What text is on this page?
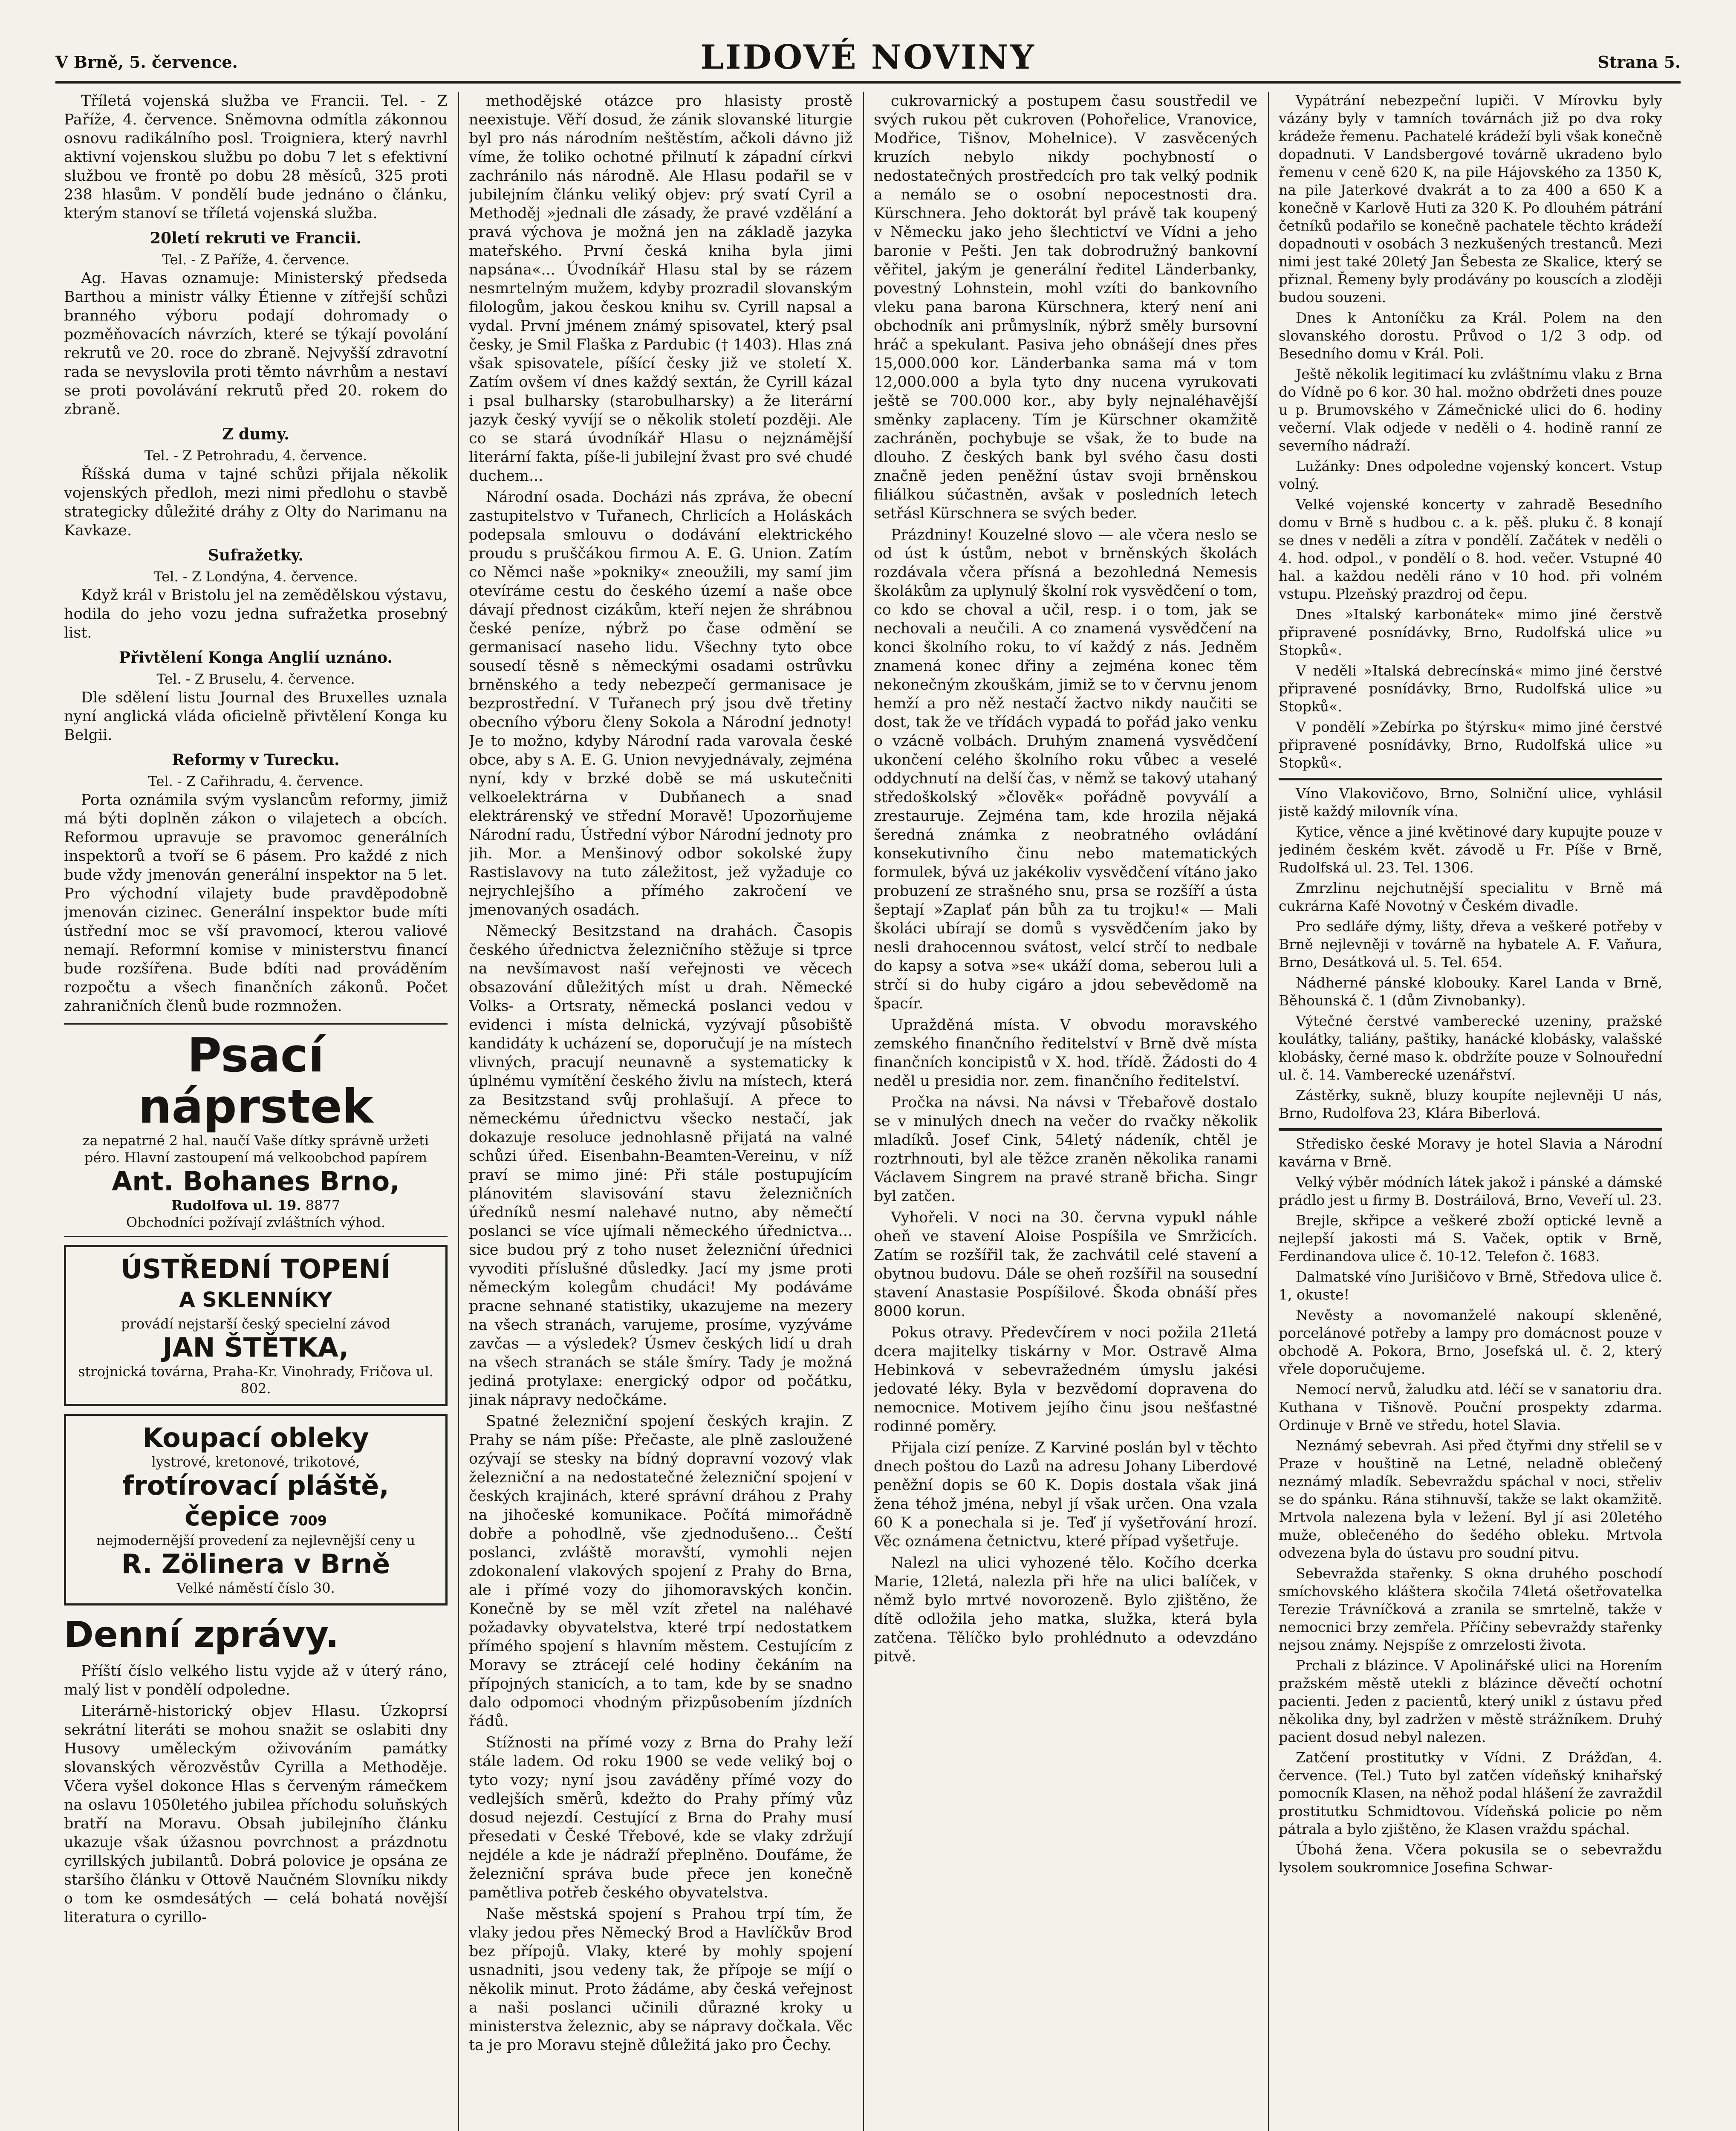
V Brně, 5. července.	LIDOVÉ NOVINY	Strana 5.

Tříletá vojenská služba ve Francii. Tel. - Z Paříže, 4. července. Sněmovna odmítla zákonnou osnovu radikálního posl. Troigniera, který navrhl aktivní vojenskou službu po dobu 7 let s efektivní službou ve frontě po dobu 28 měsíců, 325 proti 238 hlasům. V pondělí bude jednáno o článku, kterým stanoví se tříletá vojenská služba.

20letí rekruti ve Francii.

Tel. - Z Paříže, 4. července.

Ag. Havas oznamuje: Ministerský předseda Barthou a ministr války Étienne v zítřejší schůzi branného výboru podají dohromady o pozměňovacích návrzích, které se týkají povolání rekrutů ve 20. roce do zbraně. Nejvyšší zdravotní rada se nevyslovila proti těmto návrhům a nestaví se proti povolávání rekrutů před 20. rokem do zbraně.

Z dumy.

Tel. - Z Petrohradu, 4. července.

Říšská duma v tajné schůzi přijala několik vojenských předloh, mezi nimi předlohu o stavbě strategicky důležité dráhy z Olty do Narimanu na Kavkaze.

Sufražetky.

Tel. - Z Londýna, 4. července.

Když král v Bristolu jel na zemědělskou výstavu, hodila do jeho vozu jedna sufražetka prosebný list.

Přivtělení Konga Anglií uznáno.

Tel. - Z Bruselu, 4. července.

Dle sdělení listu Journal des Bruxelles uznala nyní anglická vláda oficielně přivtělení Konga ku Belgii.

Reformy v Turecku.

Tel. - Z Cařihradu, 4. července.

Porta oznámila svým vyslancům reformy, jimiž má býti doplněn zákon o vilajetech a obcích. Reformou upravuje se pravomoc generálních inspektorů a tvoří se 6 pásem. Pro každé z nich bude vždy jmenován generální inspektor na 5 let. Pro východní vilajety bude pravděpodobně jmenován cizinec. Generální inspektor bude míti ústřední moc se vší pravomocí, kterou valiové nemají. Reformní komise v ministerstvu financí bude rozšířena. Bude bdíti nad prováděním rozpočtu a všech finančních zákonů. Počet zahraničních členů bude rozmnožen.

Psací náprstek
za nepatrné 2 hal. naučí Vaše dítky správně uržeti péro. Hlavní zastoupení má velkoobchod papírem
Ant. Bohanes Brno,
Rudolfova ul. 19. 8877
Obchodníci požívají zvláštních výhod.
ÚSTŘEDNÍ TOPENÍ
A SKLENNÍKY
provádí nejstarší český specielní závod
JAN ŠTĚTKA,
strojnická továrna, Praha-Kr. Vinohrady, Fričova ul. 802.
Koupací obleky
lystrové, kretonové, trikotové,
frotírovací pláště,
čepice 7009
nejmodernější provedení za nejlevnější ceny u
R. Zölinera v Brně
Velké náměstí číslo 30.
Denní zprávy.

Příští číslo velkého listu vyjde až v úterý ráno, malý list v pondělí odpoledne.

Literárně-historický objev Hlasu. Úzkoprsí sekrátní literáti se mohou snažit se oslabiti dny Husovy uměleckým oživováním památky slovanských věrozvěstův Cyrilla a Methoděje. Včera vyšel dokonce Hlas s červeným rámečkem na oslavu 1050letého jubilea příchodu soluňských bratří na Moravu. Obsah jubilejního článku ukazuje však úžasnou povrchnost a prázdnotu cyrillských jubilantů. Dobrá polovice je opsána ze staršího článku v Ottově Naučném Slovníku nikdy o tom ke osmdesátých — celá bohatá novější literatura o cyrillo-

methodějské otázce pro hlasisty prostě neexistuje. Věří dosud, že zánik slovanské liturgie byl pro nás národním neštěstím, ačkoli dávno již víme, že toliko ochotné přilnutí k západní církvi zachránilo nás národně. Ale Hlasu podařil se v jubilejním článku veliký objev: prý svatí Cyril a Methoděj »jednali dle zásady, že pravé vzdělání a pravá výchova je možná jen na základě jazyka mateřského. První česká kniha byla jimi napsána«... Úvodníkář Hlasu stal by se rázem nesmrtelným mužem, kdyby prozradil slovanským filologům, jakou českou knihu sv. Cyrill napsal a vydal. První jménem známý spisovatel, který psal česky, je Smil Flaška z Pardubic († 1403). Hlas zná však spisovatele, píšící česky již ve století X. Zatím ovšem ví dnes každý sextán, že Cyrill kázal i psal bulharsky (starobulharsky) a že literární jazyk český vyvíjí se o několik století později. Ale co se stará úvodníkář Hlasu o nejznámější literární fakta, píše-li jubilejní žvast pro své chudé duchem...

Národní osada. Docházi nás zpráva, že obecní zastupitelstvo v Tuřanech, Chrlicích a Holáskách podepsala smlouvu o dodávání elektrického proudu s pruščákou firmou A. E. G. Union. Zatím co Němci naše »pokniky« zneoužili, my samí jim otevíráme cestu do českého území a naše obce dávají přednost cizákům, kteří nejen že shrábnou české peníze, nýbrž po čase odmění se germanisací naseho lidu. Všechny tyto obce sousedí těsně s německými osadami ostrůvku brněnského a tedy nebezpečí germanisace je bezprostřední. V Tuřanech prý jsou dvě třetiny obecního výboru členy Sokola a Národní jednoty! Je to možno, kdyby Národní rada varovala české obce, aby s A. E. G. Union nevyjednávaly, zejména nyní, kdy v brzké době se má uskutečniti velkoelektrárna v Dubňanech a snad elektrárenský ve střední Moravě! Upozorňujeme Národní radu, Ústřední výbor Národní jednoty pro jih. Mor. a Menšinový odbor sokolské župy Rastislavovy na tuto záležitost, jež vyžaduje co nejrychlejšího a přímého zakročení ve jmenovaných osadách.

Německý Besitzstand na drahách. Časopis českého úřednictva železničního stěžuje si tprce na nevšímavost naší veřejnosti ve věcech obsazování důležitých míst u drah. Německé Volks- a Ortsraty, německá poslanci vedou v evidenci i místa delnická, vyzývají působiště kandidáty k ucházení se, doporučují je na místech vlivných, pracují neunavně a systematicky k úplnému vymítění českého živlu na místech, která za Besitzstand svůj prohlašují. A přece to německému úřednictvu všecko nestačí, jak dokazuje resoluce jednohlasně přijatá na valné schůzi úřed. Eisenbahn-Beamten-Vereinu, v níž praví se mimo jiné: Při stále postupujícím plánovitém slavisování stavu železničních úředníků nesmí nalehavé nutno, aby němečtí poslanci se více ujímali německého úřednictva... sice budou prý z toho nuset železniční úřednici vyvoditi příslušné důsledky. Jací my jsme proti německým kolegům chudáci! My podáváme pracne sehnané statistiky, ukazujeme na mezery na všech stranách, varujeme, prosíme, vyzýváme zavčas — a výsledek? Úsmev českých lidí u drah na všech stranách se stále šmíry. Tady je možná jediná protylaxe: energický odpor od počátku, jinak nápravy nedočkáme.

Spatné železniční spojení českých krajin. Z Prahy se nám píše: Přečaste, ale plně zasloužené ozývají se stesky na bídný dopravní vozový vlak železniční a na nedostatečné železniční spojení v českých krajinách, které správní dráhou z Prahy na jihočeské komunikace. Počítá mimořádně dobře a pohodlně, vše zjednodušeno... Čeští poslanci, zvláště moravští, vymohli nejen zdokonalení vlakových spojení z Prahy do Brna, ale i přímé vozy do jihomoravských končin. Konečně by se měl vzít zřetel na naléhavé požadavky obyvatelstva, které trpí nedostatkem přímého spojení s hlavním městem. Cestujícím z Moravy se ztrácejí celé hodiny čekáním na přípojných stanicích, a to tam, kde by se snadno dalo odpomoci vhodným přizpůsobením jízdních řádů.

Stížnosti na přímé vozy z Brna do Prahy leží stále ladem. Od roku 1900 se vede veliký boj o tyto vozy; nyní jsou zaváděny přímé vozy do vedlejších směrů, kdežto do Prahy přímý vůz dosud nejezdí. Cestující z Brna do Prahy musí přesedati v České Třebové, kde se vlaky zdržují nejdéle a kde je nádraží přeplněno. Doufáme, že železniční správa bude přece jen konečně pamětliva potřeb českého obyvatelstva.

Naše městská spojení s Prahou trpí tím, že vlaky jedou přes Německý Brod a Havlíčkův Brod bez přípojů. Vlaky, které by mohly spojení usnadniti, jsou vedeny tak, že přípoje se míjí o několik minut. Proto žádáme, aby česká veřejnost a naši poslanci učinili důrazné kroky u ministerstva železnic, aby se nápravy dočkala. Věc ta je pro Moravu stejně důležitá jako pro Čechy.

cukrovarnický a postupem času soustředil ve svých rukou pět cukroven (Pohořelice, Vranovice, Modřice, Tišnov, Mohelnice). V zasvěcených kruzích nebylo nikdy pochybností o nedostatečných prostředcích pro tak velký podnik a nemálo se o osobní nepocestnosti dra. Kürschnera. Jeho doktorát byl právě tak koupený v Německu jako jeho šlechtictví ve Vídni a jeho baronie v Pešti. Jen tak dobrodružný bankovní věřitel, jakým je generální ředitel Länderbanky, povestný Lohnstein, mohl vzíti do bankovního vleku pana barona Kürschnera, který není ani obchodník ani průmyslník, nýbrž směly bursovní hráč a spekulant. Pasiva jeho obnášejí dnes přes 15,000.000 kor. Länderbanka sama má v tom 12,000.000 a byla tyto dny nucena vyrukovati ještě se 700.000 kor., aby byly nejnaléhavější směnky zaplaceny. Tím je Kürschner okamžitě zachráněn, pochybuje se však, že to bude na dlouho. Z českých bank byl svého času dosti značně jeden peněžní ústav svoji brněnskou filiálkou súčastněn, avšak v posledních letech setřásl Kürschnera se svých beder.

Prázdniny! Kouzelné slovo — ale včera neslo se od úst k ústům, nebot v brněnských školách rozdávala včera přísná a bezohledná Nemesis školákům za uplynulý školní rok vysvědčení o tom, co kdo se choval a učil, resp. i o tom, jak se nechovali a neučili. A co znamená vysvědčení na konci školního roku, to ví každý z nás. Jedněm znamená konec dřiny a zejména konec těm nekonečným zkouškám, jimiž se to v červnu jenom hemží a pro něž nestačí žactvo nikdy naučiti se dost, tak že ve třídách vypadá to pořád jako venku o vzácně volbách. Druhým znamená vysvědčení ukončení celého školního roku vůbec a veselé oddychnutí na delší čas, v němž se takový utahaný středoškolský »člověk« pořádně povyválí a zrestauruje. Zejména tam, kde hrozila nějaká šeredná známka z neobratného ovládání konsekutivního činu nebo matematických formulek, bývá uz jakékoliv vysvědčení vítáno jako probuzení ze strašného snu, prsa se rozšíří a ústa šeptají »Zaplať pán bůh za tu trojku!« — Mali školáci ubírají se domů s vysvědčením jako by nesli drahocennou svátost, velcí strčí to nedbale do kapsy a sotva »se« ukáží doma, seberou luli a strčí si do huby cigáro a jdou sebevědomě na špacír.

Upražděná místa. V obvodu moravského zemského finančního ředitelství v Brně dvě místa finančních koncipistů v X. hod. třídě. Žádosti do 4 neděl u presidia nor. zem. finančního ředitelství.

Pročka na návsi. Na návsi v Třebařově dostalo se v minulých dnech na večer do rvačky několik mladíků. Josef Cink, 54letý nádeník, chtěl je roztrhnouti, byl ale těžce zraněn několika ranami Václavem Singrem na pravé straně břicha. Singr byl zatčen.

Vyhořeli. V noci na 30. června vypukl náhle oheň ve stavení Aloise Pospíšila ve Smržicích. Zatím se rozšířil tak, že zachvátil celé stavení a obytnou budovu. Dále se oheň rozšířil na sousední stavení Anastasie Pospíšilové. Škoda obnáší přes 8000 korun.

Pokus otravy. Předevčírem v noci požila 21letá dcera majitelky tiskárny v Mor. Ostravě Alma Hebinková v sebevražedném úmyslu jakési jedovaté léky. Byla v bezvědomí dopravena do nemocnice. Motivem jejího činu jsou nešťastné rodinné poměry.

Přijala cizí peníze. Z Karviné poslán byl v těchto dnech poštou do Lazů na adresu Johany Liberdové peněžní dopis se 60 K. Dopis dostala však jiná žena téhož jména, nebyl jí však určen. Ona vzala 60 K a ponechala si je. Teď jí vyšetřování hrozí. Věc oznámena četnictvu, které případ vyšetřuje.

Nalezl na ulici vyhozené tělo. Kočího dcerka Marie, 12letá, nalezla při hře na ulici balíček, v němž bylo mrtvé novorozeně. Bylo zjištěno, že dítě odložila jeho matka, služka, která byla zatčena. Tělíčko bylo prohlédnuto a odevzdáno pitvě.

Vypátrání nebezpeční lupiči. V Mírovku byly vázány byly v tamních továrnách již po dva roky krádeže řemenu. Pachatelé krádeží byli však konečně dopadnuti. V Landsbergové továrně ukradeno bylo řemenu v ceně 620 K, na pile Hájovského za 1350 K, na pile Jaterkové dvakrát a to za 400 a 650 K a konečně v Karlově Huti za 320 K. Po dlouhém pátrání četníků podařilo se konečně pachatele těchto krádeží dopadnouti v osobách 3 nezkušených trestanců. Mezi nimi jest také 20letý Jan Šebesta ze Skalice, který se přiznal. Řemeny byly prodávány po kouscích a zloději budou souzeni.

Dnes k Antoníčku za Král. Polem na den slovanského dorostu. Průvod o 1/2 3 odp. od Besedního domu v Král. Poli.

Ještě několik legitimací ku zvláštnímu vlaku z Brna do Vídně po 6 kor. 30 hal. možno obdržeti dnes pouze u p. Brumovského v Zámečnické ulici do 6. hodiny večerní. Vlak odjede v neděli o 4. hodině ranní ze severního nádraží.

Lužánky: Dnes odpoledne vojenský koncert. Vstup volný.

Velké vojenské koncerty v zahradě Besedního domu v Brně s hudbou c. a k. pěš. pluku č. 8 konají se dnes v neděli a zítra v pondělí. Začátek v neděli o 4. hod. odpol., v pondělí o 8. hod. večer. Vstupné 40 hal. a každou neděli ráno v 10 hod. při volném vstupu. Plzeňský prazdroj od čepu.

Dnes »Italský karbonátek« mimo jiné čerstvě připravené posnídávky, Brno, Rudolfská ulice »u Stopků«.

V neděli »Italská debrecínská« mimo jiné čerstvé připravené posnídávky, Brno, Rudolfská ulice »u Stopků«.

V pondělí »Zebírka po štýrsku« mimo jiné čerstvé připravené posnídávky, Brno, Rudolfská ulice »u Stopků«.

Víno Vlakovičovo, Brno, Solniční ulice, vyhlásil jistě každý milovník vína.

Kytice, věnce a jiné květinové dary kupujte pouze v jediném českém květ. závodě u Fr. Píše v Brně, Rudolfská ul. 23. Tel. 1306.

Zmrzlinu nejchutnější specialitu v Brně má cukrárna Kafé Novotný v Českém divadle.

Pro sedláře dýmy, lišty, dřeva a veškeré potřeby v Brně nejlevněji v továrně na hybatele A. F. Vaňura, Brno, Desátková ul. 5. Tel. 654.

Nádherné pánské klobouky. Karel Landa v Brně, Běhounská č. 1 (dům Zivnobanky).

Výtečné čerstvé vamberecké uzeniny, pražské koulátky, taliány, paštiky, hanácké klobásky, valašské klobásky, černé maso k. obdržíte pouze v Solnouřední ul. č. 14. Vamberecké uzenářství.

Zástěrky, sukně, bluzy koupíte nejlevněji U nás, Brno, Rudolfova 23, Klára Biberlová.

Středisko české Moravy je hotel Slavia a Národní kavárna v Brně.

Velký výběr módních látek jakož i pánské a dámské prádlo jest u firmy B. Dostráilová, Brno, Veveří ul. 23.

Brejle, skřipce a veškeré zboží optické levně a nejlepší jakosti má S. Vaček, optik v Brně, Ferdinandova ulice č. 10-12. Telefon č. 1683.

Dalmatské víno Jurišičovo v Brně, Středova ulice č. 1, okuste!

Nevěsty a novomanželé nakoupí skleněné, porcelánové potřeby a lampy pro domácnost pouze v obchodě A. Pokora, Brno, Josefská ul. č. 2, který vřele doporučujeme.

Nemocí nervů, žaludku atd. léčí se v sanatoriu dra. Kuthana v Tišnově. Pouční prospekty zdarma. Ordinuje v Brně ve středu, hotel Slavia.

Neznámý sebevrah. Asi před čtyřmi dny střelil se v Praze v houštině na Letné, neladně oblečený neznámý mladík. Sebevraždu spáchal v noci, střeliv se do spánku. Rána stihnuvší, takže se lakt okamžitě. Mrtvola nalezena byla v ležení. Byl jí asi 20letého muže, oblečeného do šedého obleku. Mrtvola odvezena byla do ústavu pro soudní pitvu.

Sebevražda stařenky. S okna druhého poschodí smíchovského kláštera skočila 74letá ošetřovatelka Terezie Trávníčková a zranila se smrtelně, takže v nemocnici brzy zemřela. Příčiny sebevraždy stařenky nejsou známy. Nejspíše z omrzelosti života.

Prchali z blázince. V Apolinářské ulici na Horením pražském městě utekli z blázince děvečtí ochotní pacienti. Jeden z pacientů, který unikl z ústavu před několika dny, byl zadržen v městě strážníkem. Druhý pacient dosud nebyl nalezen.

Zatčení prostitutky v Vídni. Z Drážďan, 4. července. (Tel.) Tuto byl zatčen vídeňský knihařský pomocník Klasen, na něhož podal hlášení že zavraždil prostitutku Schmidtovou. Vídeňská policie po něm pátrala a bylo zjištěno, že Klasen vraždu spáchal.

Úbohá žena. Včera pokusila se o sebevraždu lysolem soukromnice Josefina Schwar-
